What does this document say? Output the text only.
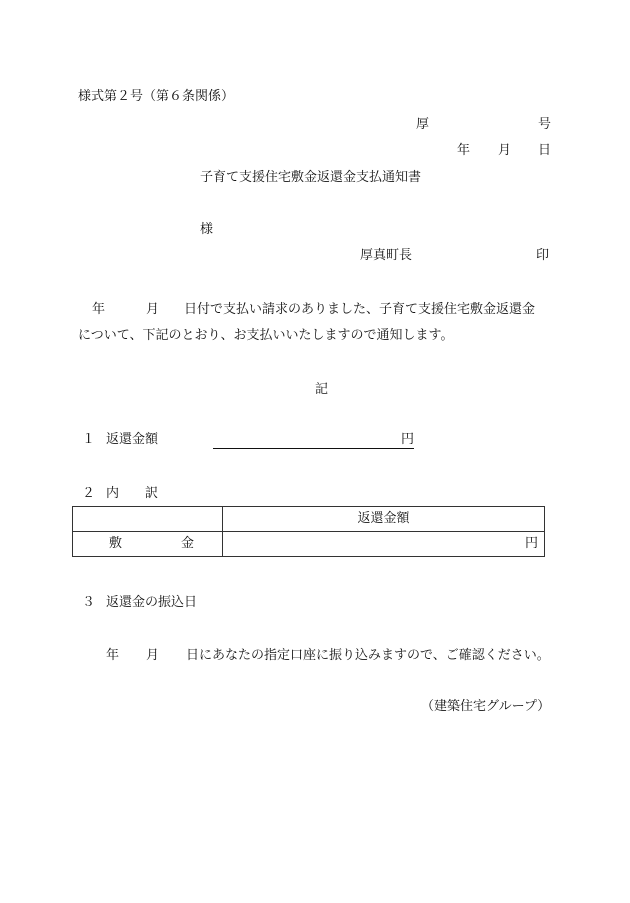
様式第２号（第６条関係）
厚	号
年 月 日
子育て支援住宅敷金返還金支払通知書
様
厚真町長	印
年	月 日付で支払い請求のありました、子育て支援住宅敷金返還金
について、下記のとおり、お支払いいたしますので通知します。
記
１ 返還金額	円
２ 内 訳
	返還金額

敷 金	円
３ 返還金の振込日
年 月 日にあなたの指定口座に振り込みますので、ご確認ください。
（建築住宅グループ）
